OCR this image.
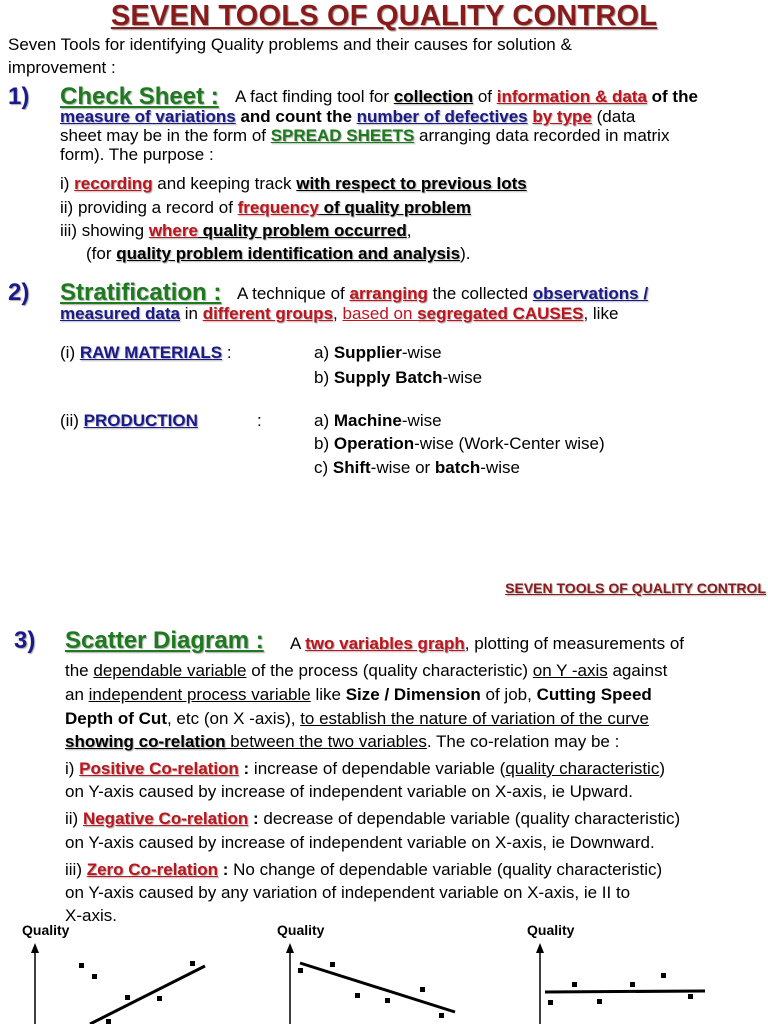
SEVEN TOOLS OF QUALITY CONTROL
Seven Tools for identifying Quality problems and their causes for solution &
improvement :
1) Check Sheet : A fact finding tool for collection of information & data of the
measure of variations and count the number of defectives by type (data
sheet may be in the form of SPREAD SHEETS arranging data recorded in matrix
form). The purpose :
i) recording and keeping track with respect to previous lots
ii) providing a record of frequency of quality problem
iii) showing where quality problem occurred,
(for quality problem identification and analysis).
2) Stratification : A technique of arranging the collected observations /
measured data in different groups, based on segregated CAUSES, like
(i) RAW MATERIALS :	a) Supplier-wise
b) Supply Batch-wise
(ii) PRODUCTION	:	a) Machine-wise
b) Operation-wise (Work-Center wise)
c) Shift-wise or batch-wise
SEVEN TOOLS OF QUALITY CONTROL
3) Scatter Diagram : A two variables graph, plotting of measurements of
the dependable variable of the process (quality characteristic) on Y -axis against
an independent process variable like Size / Dimension of job, Cutting Speed
Depth of Cut, etc (on X -axis), to establish the nature of variation of the curve
showing co-relation between the two variables. The co-relation may be :
i) Positive Co-relation : increase of dependable variable (quality characteristic)
on Y-axis caused by increase of independent variable on X-axis, ie Upward.
ii) Negative Co-relation : decrease of dependable variable (quality characteristic)
on Y-axis caused by increase of independent variable on X-axis, ie Downward.
iii) Zero Co-relation : No change of dependable variable (quality characteristic)
on Y-axis caused by any variation of independent variable on X-axis, ie II to
X-axis.
Quality	Quality	Quality
